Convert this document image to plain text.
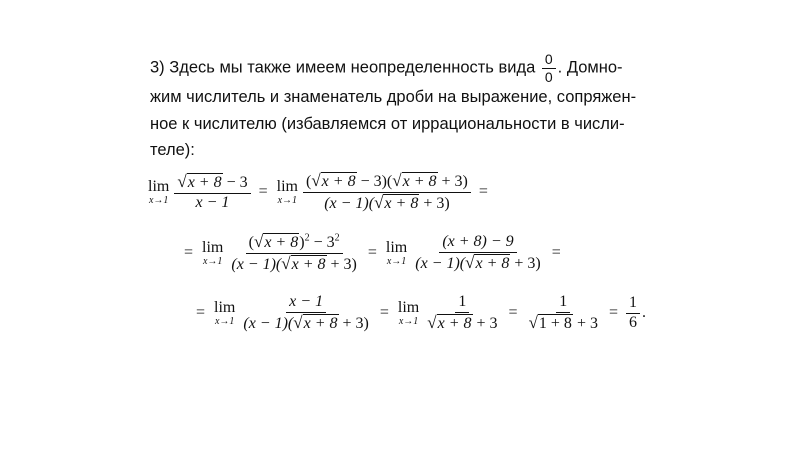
3) Здесь мы также имеем неопределенность вида $\frac{0}{0}$ . Домно-
жим числитель и знаменатель дроби на выражение, сопряжен-
ное к числителю (избавляемся от иррациональности в числи-
теле):
lim
$x\to 1 \frac{√ x + 8 - 3}{x - 1} = \lim$
$x\to 1 \frac{( √ x + 8 - 3)( √ x + 8 + 3)}{(x - 1)( √ x + 8 + 3)}$ =
= lim
$x\to 1 \frac{( √ x + 8 )^2 - 3^2}{(x - 1)( √ x + 8 + 3)} = \lim$
$x\to 1 \frac{(x + 8) - 9}{(x - 1)( √ x + 8 + 3)}$ =
= lim
$x\to 1 \frac{x - 1}{(x - 1)( √ x + 8 + 3)} = \lim$
$x\to 1 \frac{1}{√ x + 8 + 3} = \frac{1}{√ 1 + 8 + 3} = \frac{1}{6}$ .
